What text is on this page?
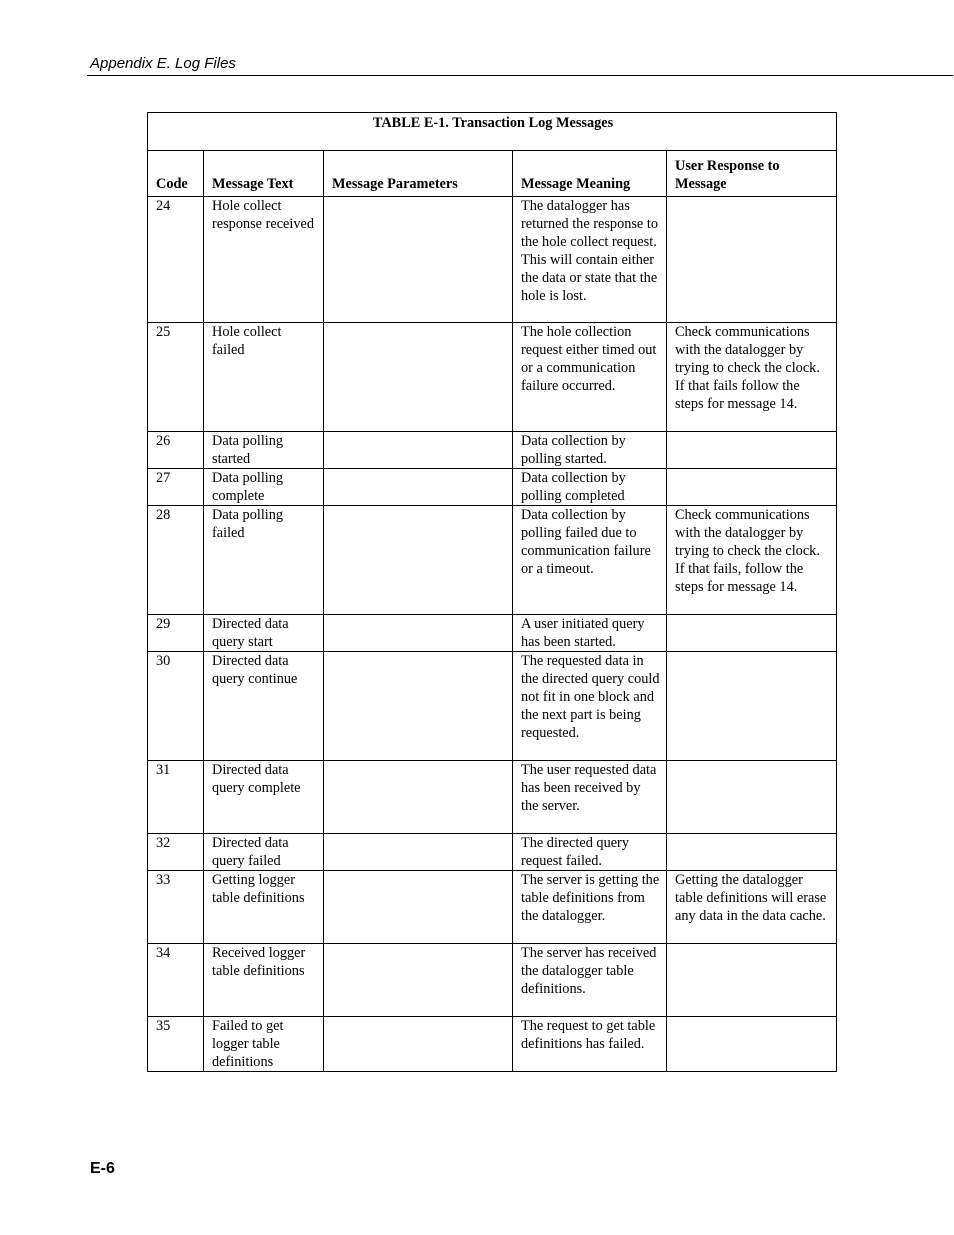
Appendix E. Log Files
TABLE E-1. Transaction Log Messages				
Code	Message Text	Message Parameters	Message Meaning	User Response to Message
24	Hole collect response received		The datalogger has returned the response to the hole collect request. This will contain either the data or state that the hole is lost.	
25	Hole collect failed		The hole collection request either timed out or a communication failure occurred.	Check communications with the datalogger by trying to check the clock. If that fails follow the steps for message 14.
26	Data polling started		Data collection by polling started.	
27	Data polling complete		Data collection by polling completed	
28	Data polling failed		Data collection by polling failed due to communication failure or a timeout.	Check communications with the datalogger by trying to check the clock. If that fails, follow the steps for message 14.
29	Directed data query start		A user initiated query has been started.	
30	Directed data query continue		The requested data in the directed query could not fit in one block and the next part is being requested.	
31	Directed data query complete		The user requested data has been received by the server.	
32	Directed data query failed		The directed query request failed.	
33	Getting logger table definitions		The server is getting the table definitions from the datalogger.	Getting the datalogger table definitions will erase any data in the data cache.
34	Received logger table definitions		The server has received the datalogger table definitions.	
35	Failed to get logger table definitions		The request to get table definitions has failed.	
E-6
